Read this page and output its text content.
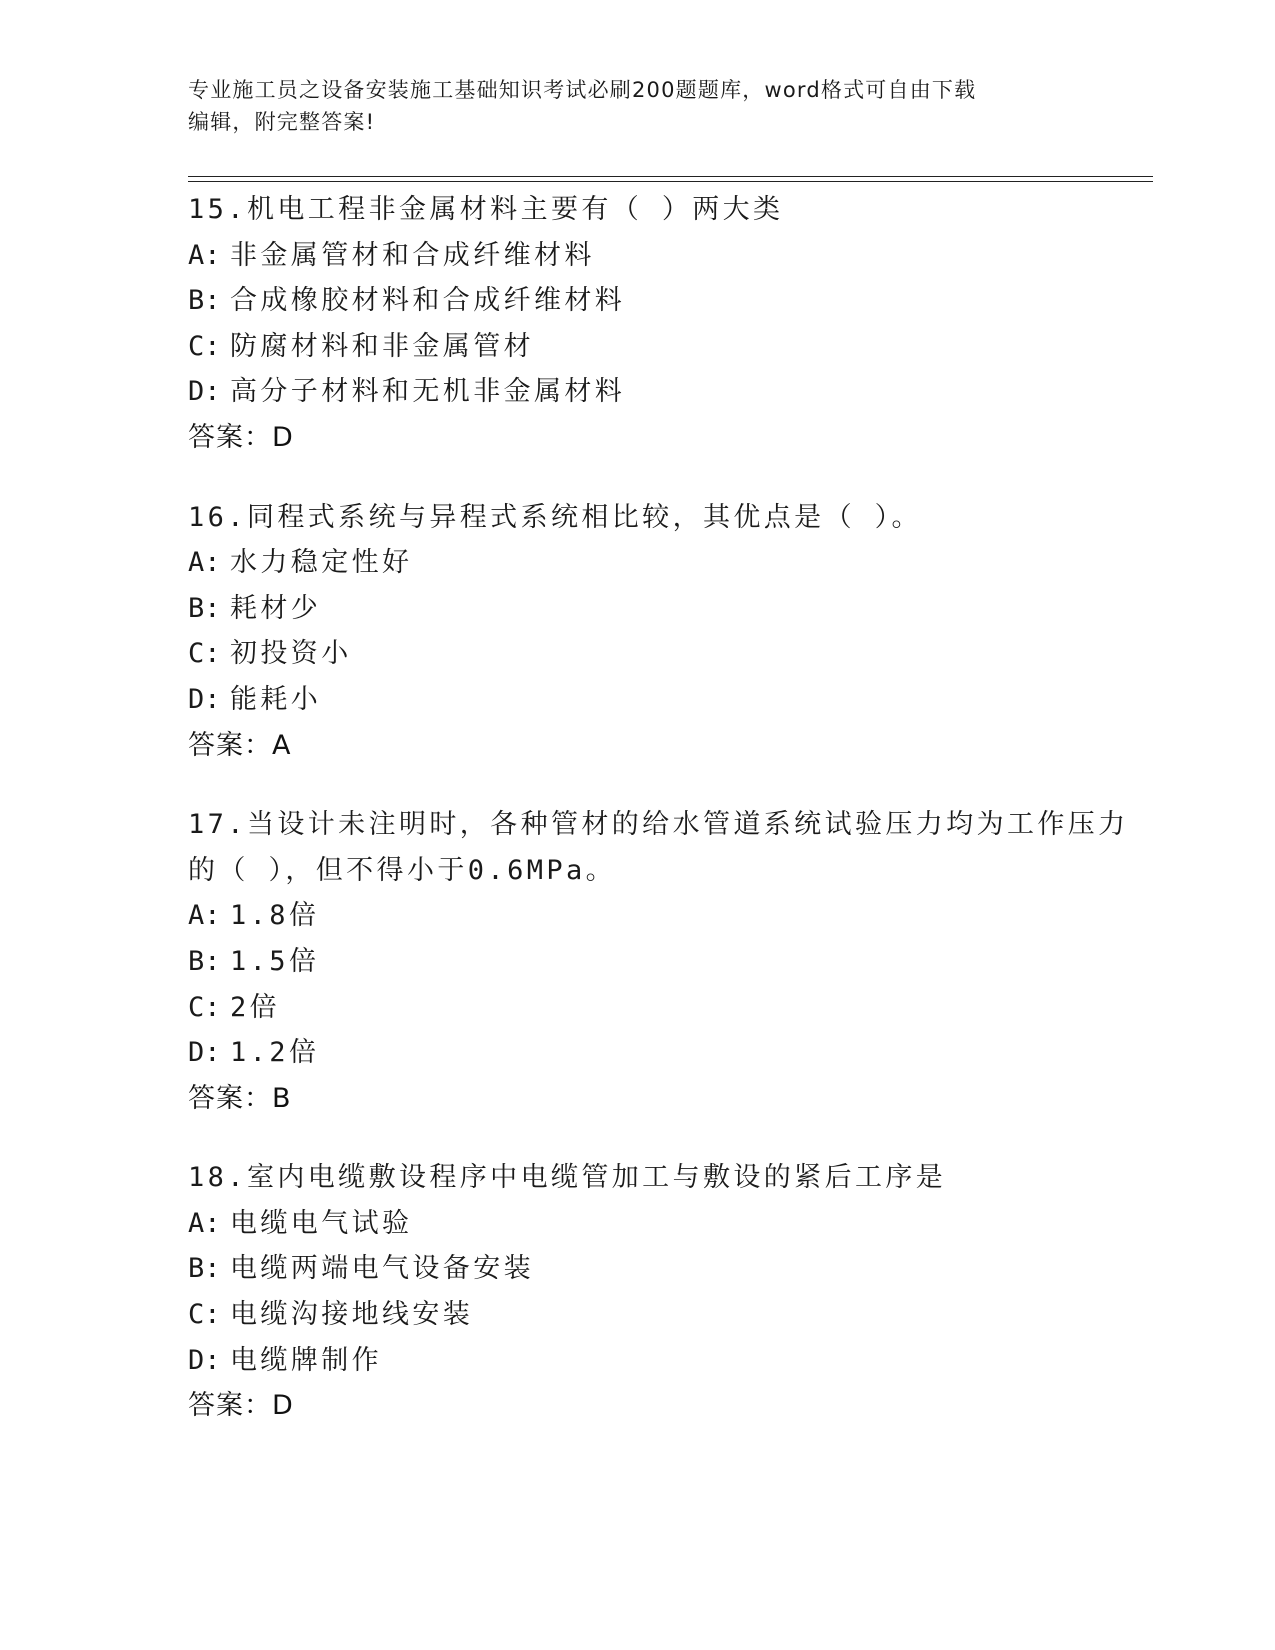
专业施工员之设备安装施工基础知识考试必刷200题题库，word格式可自由下载
编辑，附完整答案!
15.机电工程非金属材料主要有（ ）两大类
A: 非金属管材和合成纤维材料
B: 合成橡胶材料和合成纤维材料
C: 防腐材料和非金属管材
D: 高分子材料和无机非金属材料
答案：D
16.同程式系统与异程式系统相比较，其优点是（ ）。
A: 水力稳定性好
B: 耗材少
C: 初投资小
D: 能耗小
答案：A
17.当设计未注明时，各种管材的给水管道系统试验压力均为工作压力
的（ ），但不得小于0.6MPa。
A: 1.8倍
B: 1.5倍
C: 2倍
D: 1.2倍
答案：B
18.室内电缆敷设程序中电缆管加工与敷设的紧后工序是
A: 电缆电气试验
B: 电缆两端电气设备安装
C: 电缆沟接地线安装
D: 电缆牌制作
答案：D
